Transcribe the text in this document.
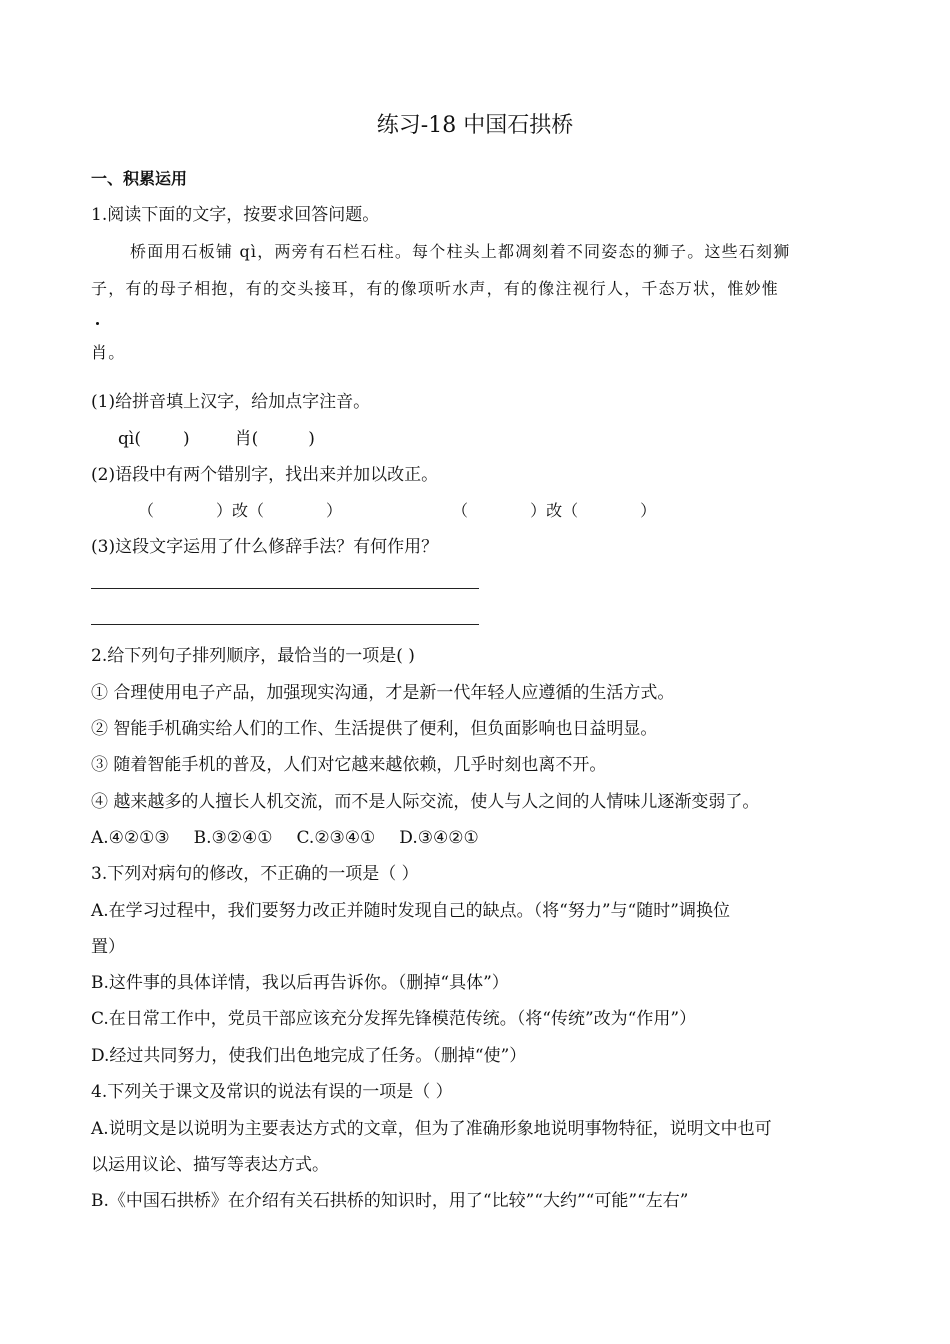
练习-18 中国石拱桥
一、积累运用
1.阅读下面的文字，按要求回答问题。
桥面用石板铺 qì，两旁有石栏石柱。每个柱头上都凋刻着不同姿态的狮子。这些石刻狮
子，有的母子相抱，有的交头接耳，有的像项听水声，有的像注视行人，千态万状，惟妙惟
肖。
(1)给拼音填上汉字，给加点字注音。
qì( )	肖(	)
(2)语段中有两个错别字，找出来并加以改正。
（	）改（	）	（	）改（	）
(3)这段文字运用了什么修辞手法？有何作用？
2.给下列句子排列顺序，最恰当的一项是( )
① 合理使用电子产品，加强现实沟通，才是新一代年轻人应遵循的生活方式。
② 智能手机确实给人们的工作、生活提供了便利，但负面影响也日益明显。
③ 随着智能手机的普及，人们对它越来越依赖，几乎时刻也离不开。
④ 越来越多的人擅长人机交流，而不是人际交流，使人与人之间的人情味儿逐渐变弱了。
A.④②①③ B.③②④① C.②③④① D.③④②①
3.下列对病句的修改，不正确的一项是（ ）
A.在学习过程中，我们要努力改正并随时发现自己的缺点。（将“努力”与“随时”调换位
置）
B.这件事的具体详情，我以后再告诉你。（删掉“具体”）
C.在日常工作中，党员干部应该充分发挥先锋模范传统。（将“传统”改为“作用”）
D.经过共同努力，使我们出色地完成了任务。（删掉“使”）
4.下列关于课文及常识的说法有误的一项是（ ）
A.说明文是以说明为主要表达方式的文章，但为了准确形象地说明事物特征，说明文中也可
以运用议论、描写等表达方式。
B.《中国石拱桥》在介绍有关石拱桥的知识时，用了“比较”“大约”“可能”“左右”
